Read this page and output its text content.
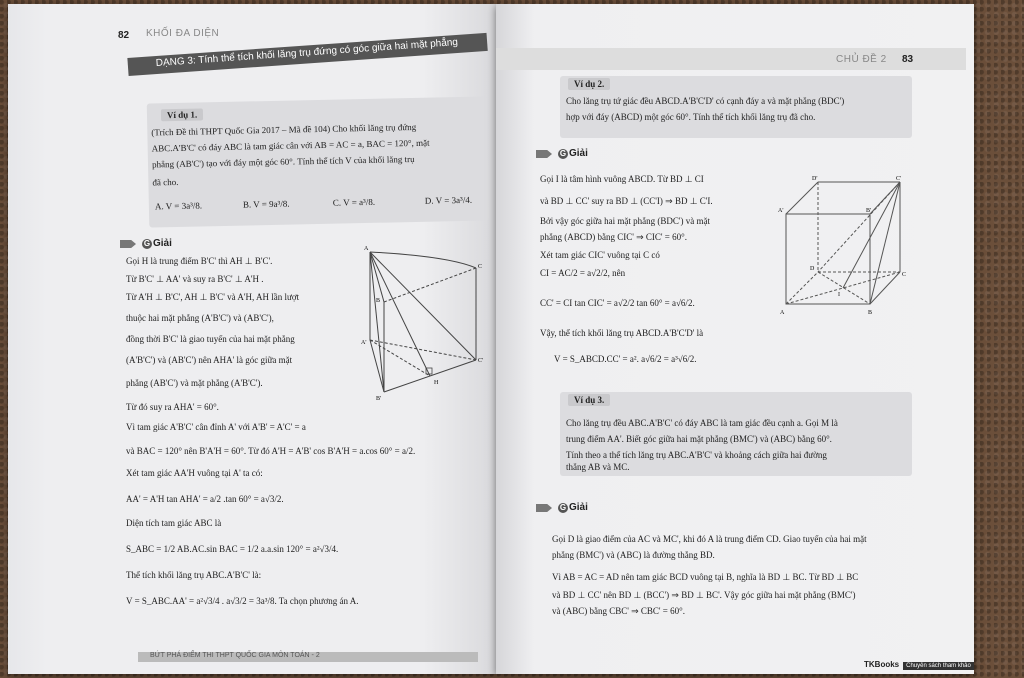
82 KHỐI ĐA DIỆN
DẠNG 3: Tính thể tích khối lăng trụ đứng có góc giữa hai mặt phẳng
Ví dụ 1.
(Trích Đề thi THPT Quốc Gia 2017 – Mã đề 104) Cho khối lăng trụ đứng
ABC.A'B'C' có đáy ABC là tam giác cân với AB = AC = a, BAC = 120°, mặt
phẳng (AB'C') tạo với đáy một góc 60°. Tính thể tích V của khối lăng trụ
đã cho.
A. V = 3a³/8.	B. V = 9a³/8.	C. V = a³/8.	D. V = 3a³/4.
G Giải
Gọi H là trung điểm B'C' thì AH ⊥ B'C'.
Từ B'C' ⊥ AA' và suy ra B'C' ⊥ A'H .
Từ A'H ⊥ B'C', AH ⊥ B'C' và A'H, AH lần lượt
thuộc hai mặt phẳng (A'B'C') và (AB'C'),
đồng thời B'C' là giao tuyến của hai mặt phẳng
(A'B'C') và (AB'C') nên AHA' là góc giữa mặt
phẳng (AB'C') và mặt phẳng (A'B'C').
Từ đó suy ra AHA' = 60°.
Vì tam giác A'B'C' cân đỉnh A' với A'B' = A'C' = a
và BAC = 120° nên B'A'H = 60°. Từ đó A'H = A'B' cos B'A'H = a.cos 60° = a/2.
Xét tam giác AA'H vuông tại A' ta có:
AA' = A'H tan AHA' = a/2 .tan 60° = a√3/2.
Diện tích tam giác ABC là
S_ABC = 1/2 AB.AC.sin BAC = 1/2 a.a.sin 120° = a²√3/4.
Thể tích khối lăng trụ ABC.A'B'C' là:
V = S_ABC.AA' = a²√3/4 . a√3/2 = 3a³/8. Ta chọn phương án A.
A
B
C
A'
B'
C'
H
BỨT PHÁ ĐIỂM THI THPT QUỐC GIA MÔN TOÁN - 2
CHỦ ĐỀ 2 83
Ví dụ 2.
Cho lăng trụ tứ giác đều ABCD.A'B'C'D' có cạnh đáy a và mặt phẳng (BDC')
hợp với đáy (ABCD) một góc 60°. Tính thể tích khối lăng trụ đã cho.
G Giải
Gọi I là tâm hình vuông ABCD. Từ BD ⊥ CI
và BD ⊥ CC' suy ra BD ⊥ (CC'I) ⇒ BD ⊥ C'I.
Bởi vậy góc giữa hai mặt phẳng (BDC') và mặt
phẳng (ABCD) bằng CIC' ⇒ CIC' = 60°.
Xét tam giác CIC' vuông tại C có
CI = AC/2 = a√2/2, nên
CC' = CI tan CIC' = a√2/2 tan 60° = a√6/2.
Vậy, thể tích khối lăng trụ ABCD.A'B'C'D' là
V = S_ABCD.CC' = a². a√6/2 = a³√6/2.
D'	C'
A'	B'
D
C
A	B
I
Ví dụ 3.
Cho lăng trụ đều ABC.A'B'C' có đáy ABC là tam giác đều cạnh a. Gọi M là
trung điểm AA'. Biết góc giữa hai mặt phẳng (BMC') và (ABC) bằng 60°.
Tính theo a thể tích lăng trụ ABC.A'B'C' và khoảng cách giữa hai đường
thẳng AB và MC.
G Giải
Gọi D là giao điểm của AC và MC', khi đó A là trung điểm CD. Giao tuyến của hai mặt
phẳng (BMC') và (ABC) là đường thẳng BD.
Vì AB = AC = AD nên tam giác BCD vuông tại B, nghĩa là BD ⊥ BC. Từ BD ⊥ BC
và BD ⊥ CC' nên BD ⊥ (BCC') ⇒ BD ⊥ BC'. Vậy góc giữa hai mặt phẳng (BMC')
và (ABC) bằng CBC' ⇒ CBC' = 60°.
TKBooks Chuyên sách tham khảo
